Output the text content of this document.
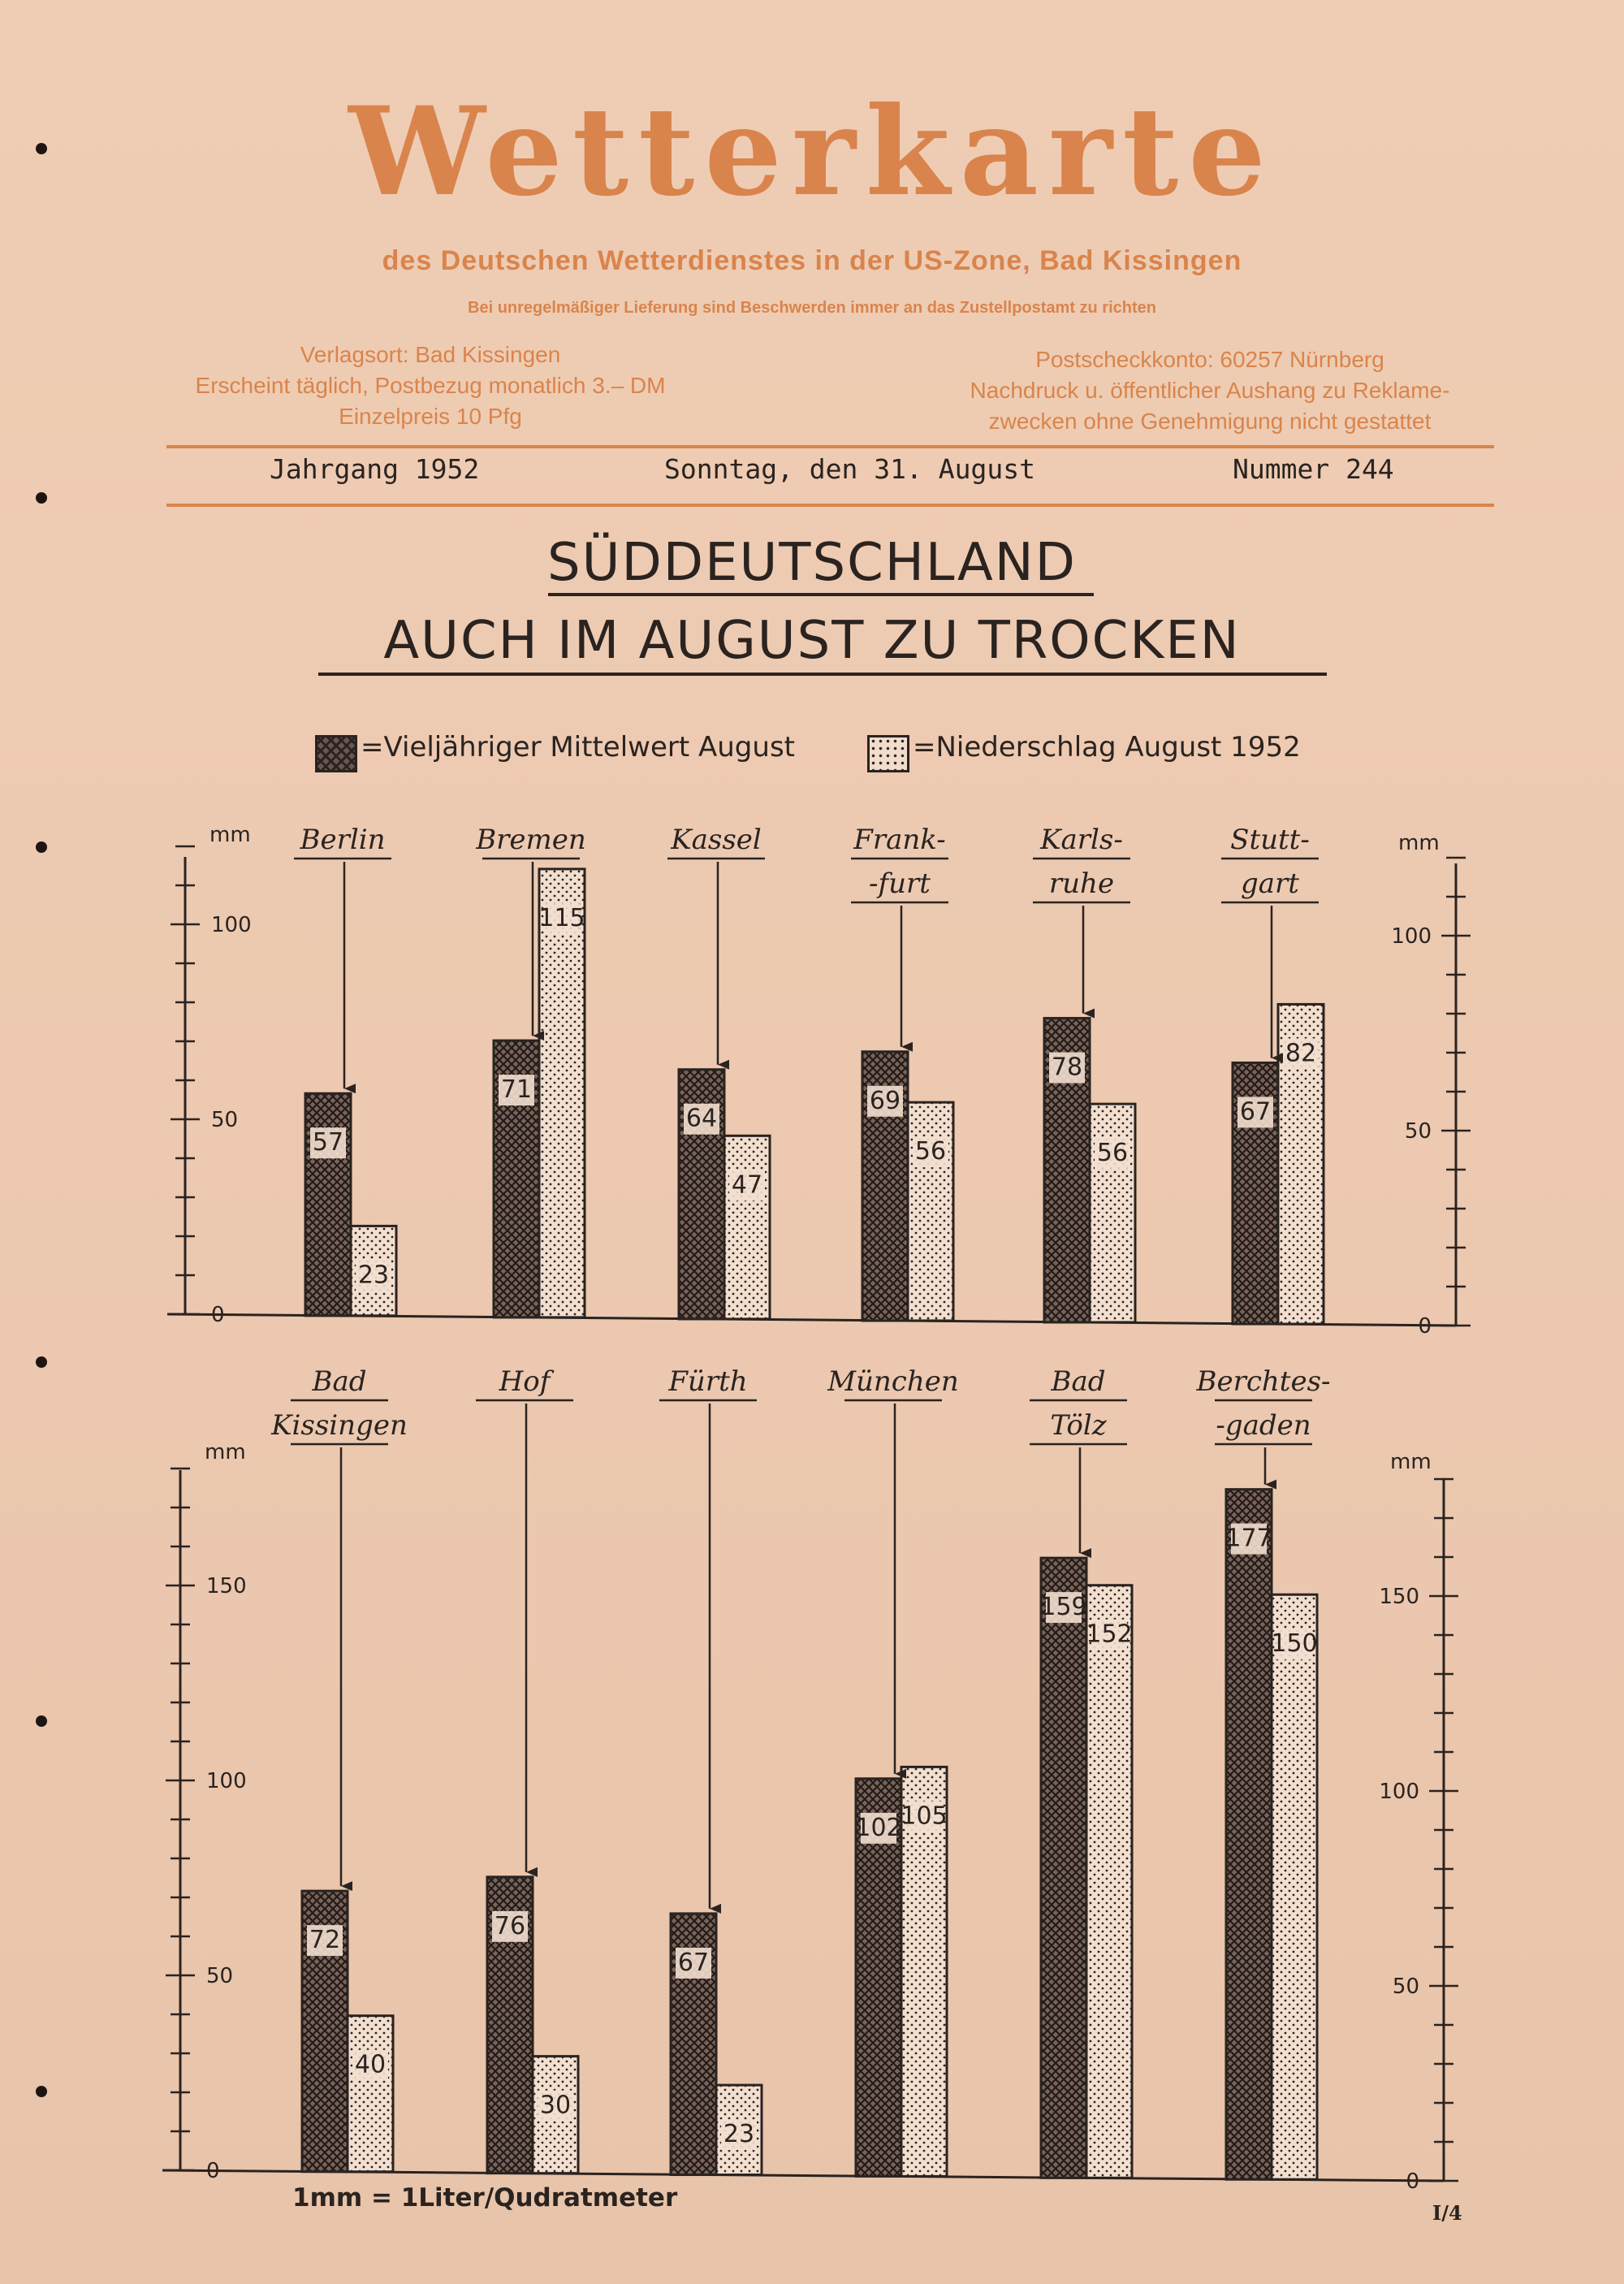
Wetterkarte
des Deutschen Wetterdienstes in der US-Zone, Bad Kissingen
Bei unregelmäßiger Lieferung sind Beschwerden immer an das Zustellpostamt zu richten
Verlagsort: Bad Kissingen
Erscheint täglich, Postbezug monatlich 3.– DM
Einzelpreis 10 Pfg
Postscheckkonto: 60257 Nürnberg
Nachdruck u. öffentlicher Aushang zu Reklame-
zwecken ohne Genehmigung nicht gestattet
Jahrgang 1952	Sonntag, den 31. August	Nummer 244
SÜDDEUTSCHLAND
AUCH IM AUGUST ZU TROCKEN
=Vieljähriger Mittelwert August	=Niederschlag August 1952
0	0
50	50
100	100
mm	mm
57
23
Berlin
71
115
Bremen
64
47
Kassel
69
56
Frank-
-furt
78
56
Karls-
ruhe
67
82
Stutt-
gart
0	0
50	50
100	100
150	150
mm	mm
72
40
Bad
Kissingen
76
30
Hof
67
23
Fürth
102
105
München
159
152
Bad
Tölz
177
150
Berchtes-
-gaden
1mm = 1Liter/Qudratmeter
I/4
